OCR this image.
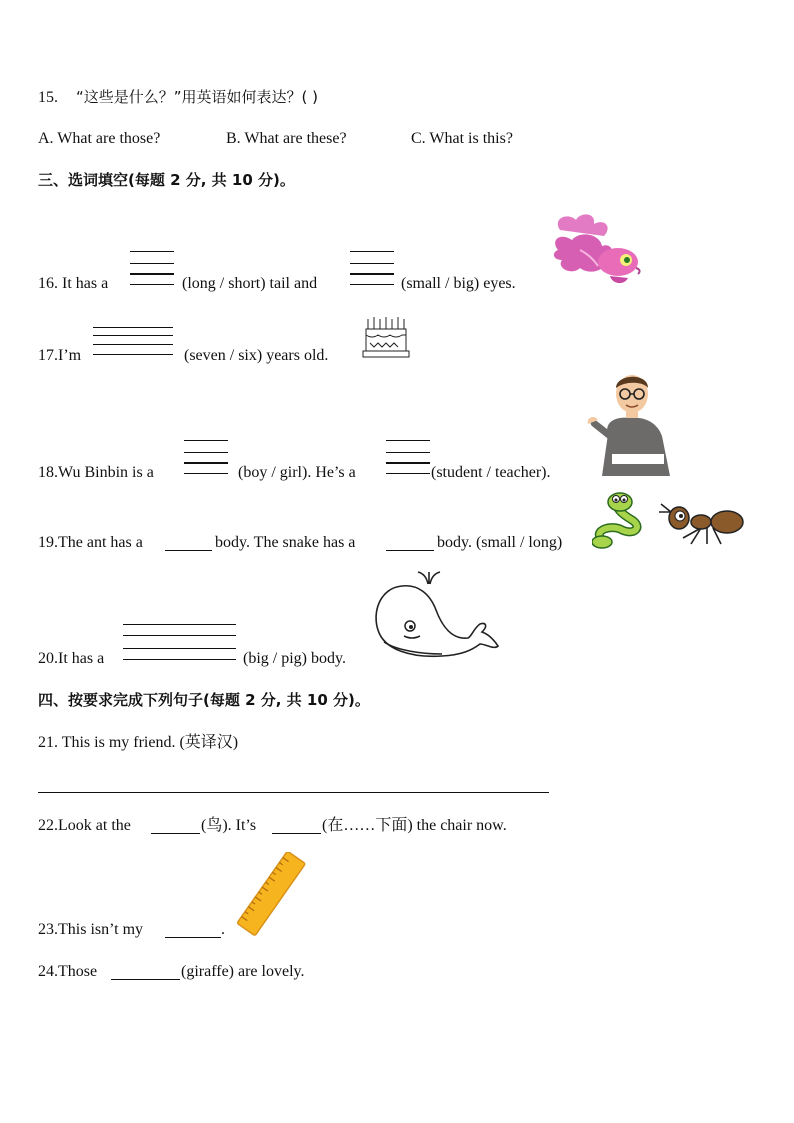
15. “这些是什么？”用英语如何表达？( )
A. What are those?	B. What are these?	C. What is this?
三、选词填空(每题 2 分, 共 10 分)。
16. It has a	(long / short) tail and	(small / big) eyes.
17.I’m	(seven / six) years old.
18.Wu Binbin is a	(boy / girl). He’s a	(student / teacher).
19.The ant has a	body. The snake has a	body. (small / long)
20.It has a	(big / pig) body.
四、按要求完成下列句子(每题 2 分, 共 10 分)。
21. This is my friend. (英译汉)
22.Look at the	(鸟). It’s	(在……下面) the chair now.
23.This isn’t my	.
24.Those	(giraffe) are lovely.
